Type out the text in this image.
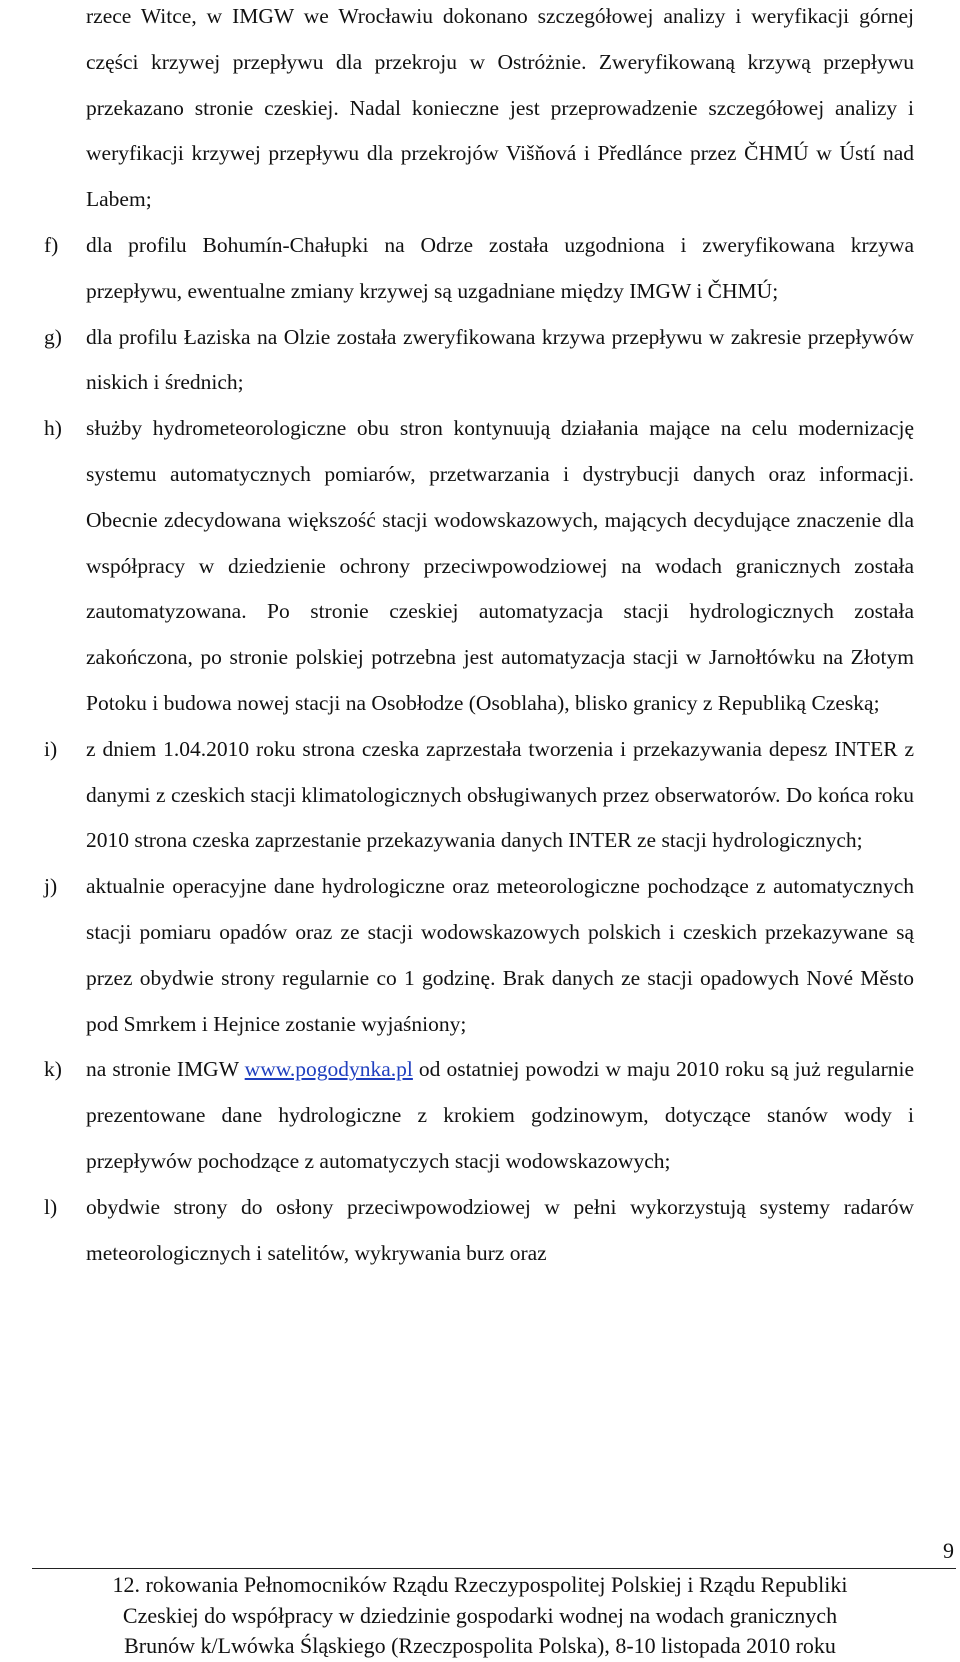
rzece Witce, w IMGW we Wrocławiu dokonano szczegółowej analizy i weryfikacji górnej części krzywej przepływu dla przekroju w Ostróżnie. Zweryfikowaną krzywą przepływu przekazano stronie czeskiej. Nadal konieczne jest przeprowadzenie szczegółowej analizy i weryfikacji krzywej przepływu dla przekrojów Višňová i Předlánce przez ČHMÚ w Ústí nad Labem;

f) dla profilu Bohumín-Chałupki na Odrze została uzgodniona i zweryfikowana krzywa przepływu, ewentualne zmiany krzywej są uzgadniane między IMGW i ČHMÚ;

g) dla profilu Łaziska na Olzie została zweryfikowana krzywa przepływu w zakresie przepływów niskich i średnich;

h) służby hydrometeorologiczne obu stron kontynuują działania mające na celu modernizację systemu automatycznych pomiarów, przetwarzania i dystrybucji danych oraz informacji. Obecnie zdecydowana większość stacji wodowskazowych, mających decydujące znaczenie dla współpracy w dziedzienie ochrony przeciwpowodziowej na wodach granicznych została zautomatyzowana. Po stronie czeskiej automatyzacja stacji hydrologicznych została zakończona, po stronie polskiej potrzebna jest automatyzacja stacji w Jarnołtówku na Złotym Potoku i budowa nowej stacji na Osobłodze (Osoblaha), blisko granicy z Republiką Czeską;

i) z dniem 1.04.2010 roku strona czeska zaprzestała tworzenia i przekazywania depesz INTER z danymi z czeskich stacji klimatologicznych obsługiwanych przez obserwatorów. Do końca roku 2010 strona czeska zaprzestanie przekazywania danych INTER ze stacji hydrologicznych;

j) aktualnie operacyjne dane hydrologiczne oraz meteorologiczne pochodzące z automatycznych stacji pomiaru opadów oraz ze stacji wodowskazowych polskich i czeskich przekazywane są przez obydwie strony regularnie co 1 godzinę. Brak danych ze stacji opadowych Nové Město pod Smrkem i Hejnice zostanie wyjaśniony;

k) na stronie IMGW www.pogodynka.pl od ostatniej powodzi w maju 2010 roku są już regularnie prezentowane dane hydrologiczne z krokiem godzinowym, dotyczące stanów wody i przepływów pochodzące z automatyczych stacji wodowskazowych;

l) obydwie strony do osłony przeciwpowodziowej w pełni wykorzystują systemy radarów meteorologicznych i satelitów, wykrywania burz oraz

9
12. rokowania Pełnomocników Rządu Rzeczypospolitej Polskiej i Rządu Republiki
Czeskiej do współpracy w dziedzinie gospodarki wodnej na wodach granicznych
Brunów k/Lwówka Śląskiego (Rzeczpospolita Polska), 8-10 listopada 2010 roku
